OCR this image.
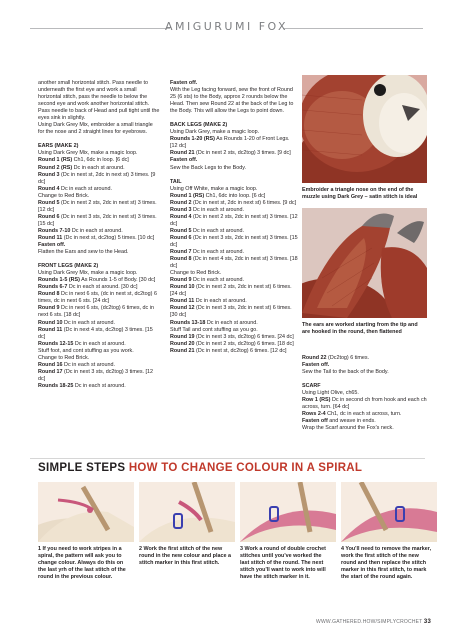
AMIGURUMI FOX

another small horizontal stitch. Pass needle to underneath the first eye and work a small horizontal stitch, pass the needle to below the second eye and work another horizontal stitch. Pass needle to back of Head and pull tight until the eyes sink in slightly.

Using Dark Grey Mix, embroider a small triangle for the nose and 2 straight lines for eyebrows.

EARS (MAKE 2)

Using Dark Grey Mix, make a magic loop.

Round 1 (RS) Ch1, 6dc in loop. [6 dc]

Round 2 (RS) Dc in each st around.

Round 3 (Dc in next st, 2dc in next st) 3 times. [9 dc]

Round 4 Dc in each st around.

Change to Red Brick.

Round 5 (Dc in next 2 sts, 2dc in next st) 3 times. [12 dc]

Round 6 (Dc in next 3 sts, 2dc in next st) 3 times. [15 dc]

Rounds 7-10 Dc in each st around.

Round 11 (Dc in next st, dc2tog) 5 times. [10 dc]

Fasten off.

Flatten the Ears and sew to the Head.

FRONT LEGS (MAKE 2)

Using Dark Grey Mix, make a magic loop.

Rounds 1-5 (RS) As Rounds 1-5 of Body. [30 dc]

Rounds 6-7 Dc in each st around. [30 dc]

Round 8 Dc in next 6 sts, (dc in next st, dc2tog) 6 times, dc in next 6 sts. [24 dc]

Round 9 Dc in next 6 sts, (dc2tog) 6 times, dc in next 6 sts. [18 dc]

Round 10 Dc in each st around.

Round 11 (Dc in next 4 sts, dc2tog) 3 times. [15 dc]

Rounds 12-15 Dc in each st around.

Stuff foot, and cont stuffing as you work.

Change to Red Brick.

Round 16 Dc in each st around.

Round 17 (Dc in next 3 sts, dc2tog) 3 times. [12 dc]

Rounds 18-25 Dc in each st around.

Fasten off.

With the Leg facing forward, sew the front of Round 25 (6 sts) to the Body, approx 2 rounds below the Head. Then sew Round 22 at the back of the Leg to the Body. This will allow the Legs to point down.

BACK LEGS (MAKE 2)

Using Dark Grey, make a magic loop.

Rounds 1-20 (RS) As Rounds 1-20 of Front Legs. [12 dc]

Round 21 (Dc in next 2 sts, dc2tog) 3 times. [9 dc]

Fasten off.

Sew the Back Legs to the Body.

TAIL

Using Off White, make a magic loop.

Round 1 (RS) Ch1, 6dc into loop. [6 dc]

Round 2 (Dc in next st, 2dc in next st) 6 times. [9 dc]

Round 3 Dc in each st around.

Round 4 (Dc in next 2 sts, 2dc in next st) 3 times. [12 dc]

Round 5 Dc in each st around.

Round 6 (Dc in next 3 sts, 2dc in next st) 3 times. [15 dc]

Round 7 Dc in each st around.

Round 8 (Dc in next 4 sts, 2dc in next st) 3 times. [18 dc]

Change to Red Brick.

Round 9 Dc in each st around.

Round 10 (Dc in next 2 sts, 2dc in next st) 6 times. [24 dc]

Round 11 Dc in each st around.

Round 12 (Dc in next 3 sts, 2dc in next st) 6 times. [30 dc]

Rounds 13-18 Dc in each st around.

Stuff Tail and cont stuffing as you go.

Round 19 (Dc in next 3 sts, dc2tog) 6 times. [24 dc]

Round 20 (Dc in next 2 sts, dc2tog) 6 times. [18 dc]

Round 21 (Dc in next st, dc2tog) 6 times. [12 dc]

Embroider a triangle nose on the end of the muzzle using Dark Grey – satin stitch is ideal
The ears are worked starting from the tip and are hooked in the round, then flattened

Round 22 (Dc2tog) 6 times.

Fasten off.

Sew the Tail to the back of the Body.

SCARF

Using Light Olive, ch65.

Row 1 (RS) Dc in second ch from hook and each ch across, turn. [64 dc]

Rows 2-4 Ch1, dc in each st across, turn.

Fasten off and weave in ends.

Wrap the Scarf around the Fox's neck.

SIMPLE STEPS HOW TO CHANGE COLOUR IN A SPIRAL
1 If you need to work stripes in a spiral, the pattern will ask you to change colour. Always do this on the last yrh of the last stitch of the round in the previous colour.
2 Work the first stitch of the new round in the new colour and place a stitch marker in this first stitch.
3 Work a round of double crochet stitches until you've worked the last stitch of the round. The next stitch you'll want to work into will have the stitch marker in it.
4 You'll need to remove the marker, work the first stitch of the new round and then replace the stitch marker in this first stitch, to mark the start of the round again.
WWW.GATHERED.HOW/SIMPLYCROCHET 33
